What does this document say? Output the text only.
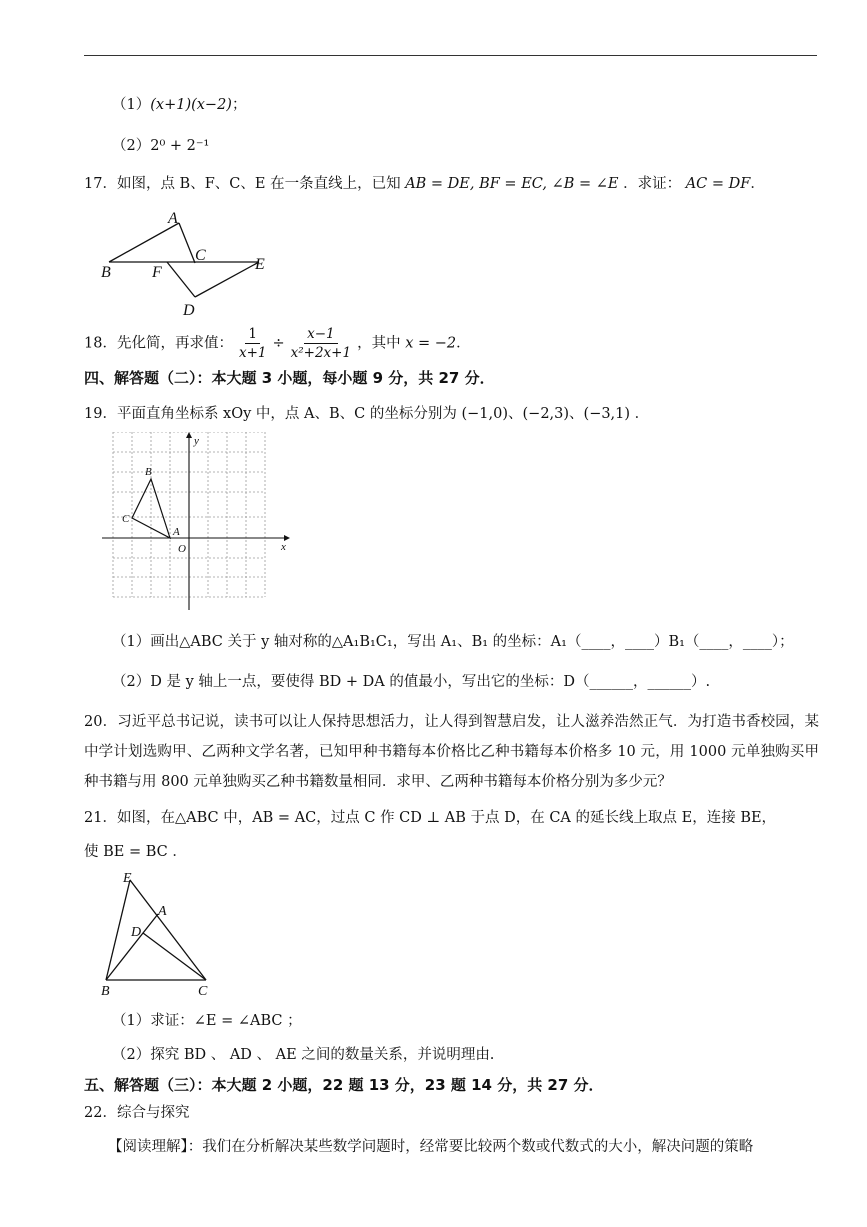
（1）(x+1)(x−2)；
（2）2⁰ + 2⁻¹
17．如图，点 B、F、C、E 在一条直线上，已知 AB = DE, BF = EC, ∠B = ∠E ．求证： AC = DF．
A
B
C
D
E
F
18．先化简，再求值： $\frac{1}{x+1} \div \frac{x-1}{\text{x²+2x+1}}$ ，其中 x = −2．
四、解答题（二）：本大题 3 小题，每小题 9 分，共 27 分．
19．平面直角坐标系 xOy 中，点 A、B、C 的坐标分别为 (−1,0)、(−2,3)、(−3,1) ．
A
B
C
O	x
y
（1）画出△ABC 关于 y 轴对称的△A₁B₁C₁，写出 A₁、B₁ 的坐标：A₁（____，____）B₁（____，____）；
（2）D 是 y 轴上一点，要使得 BD + DA 的值最小，写出它的坐标：D（______，______）.
20．习近平总书记说，读书可以让人保持思想活力，让人得到智慧启发，让人滋养浩然正气．为打造书香校园，某中学计划选购甲、乙两种文学名著，已知甲种书籍每本价格比乙种书籍每本价格多 10 元，用 1000 元单独购买甲种书籍与用 800 元单独购买乙种书籍数量相同．求甲、乙两种书籍每本价格分别为多少元？
21．如图，在△ABC 中，AB = AC，过点 C 作 CD ⊥ AB 于点 D，在 CA 的延长线上取点 E，连接 BE，
使 BE = BC ．
E
A
D
B	C
（1）求证：∠E = ∠ABC ；
（2）探究 BD 、 AD 、 AE 之间的数量关系，并说明理由.
五、解答题（三）：本大题 2 小题，22 题 13 分，23 题 14 分，共 27 分．
22．综合与探究
【阅读理解】：我们在分析解决某些数学问题时，经常要比较两个数或代数式的大小，解决问题的策略
